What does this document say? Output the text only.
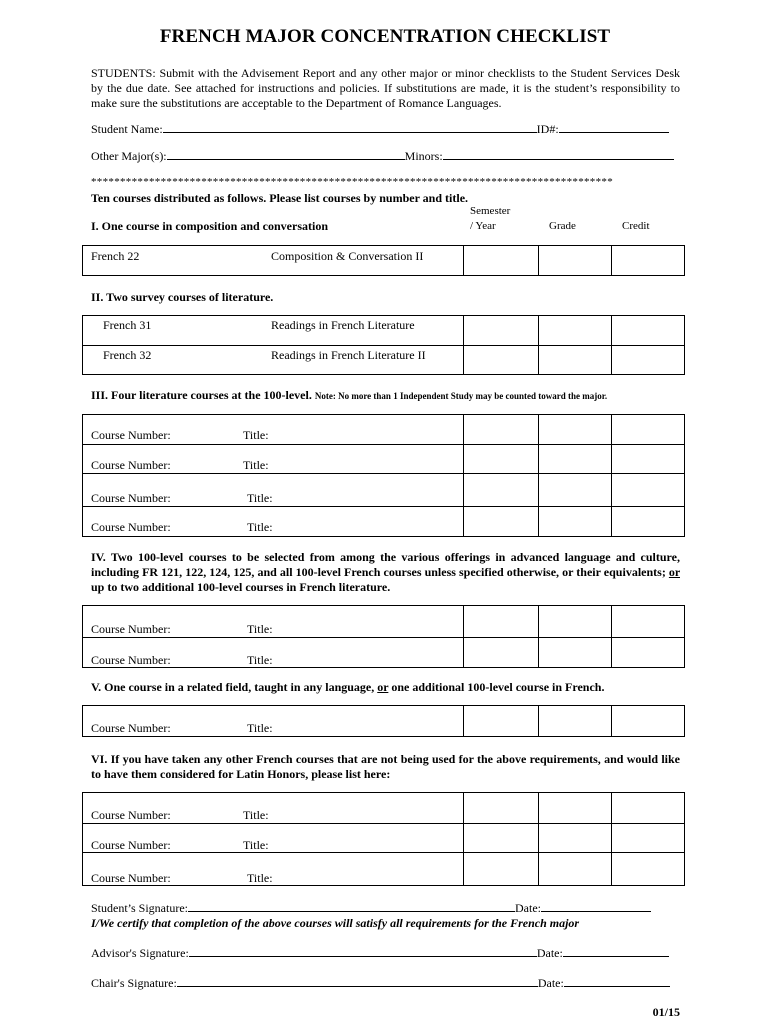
FRENCH MAJOR CONCENTRATION CHECKLIST
STUDENTS: Submit with the Advisement Report and any other major or minor checklists to the Student Services Desk by the due date. See attached for instructions and policies. If substitutions are made, it is the student’s responsibility to make sure the substitutions are acceptable to the Department of Romance Languages.
Student Name:	ID#:
Other Major(s):	Minors:
******************************************************************************************
Ten courses distributed as follows. Please list courses by number and title.
Semester
/ Year	Grade	Credit
I. One course in composition and conversation
French 22	Composition & Conversation II
II. Two survey courses of literature.
French 31	Readings in French Literature
French 32	Readings in French Literature II
III. Four literature courses at the 100-level. Note: No more than 1 Independent Study may be counted toward the major.
Course Number:	Title:
Course Number:	Title:
Course Number:	Title:
Course Number:	Title:
IV. Two 100-level courses to be selected from among the various offerings in advanced language and culture, including FR 121, 122, 124, 125, and all 100-level French courses unless specified otherwise, or their equivalents; or up to two additional 100-level courses in French literature.
Course Number:	Title:
Course Number:	Title:
V. One course in a related field, taught in any language, or one additional 100-level course in French.
Course Number:	Title:
VI. If you have taken any other French courses that are not being used for the above requirements, and would like to have them considered for Latin Honors, please list here:
Course Number:	Title:
Course Number:	Title:
Course Number:	Title:
Student’s Signature:	Date:
I/We certify that completion of the above courses will satisfy all requirements for the French major
Advisor's Signature:	Date:
Chair's Signature:	Date:
01/15
